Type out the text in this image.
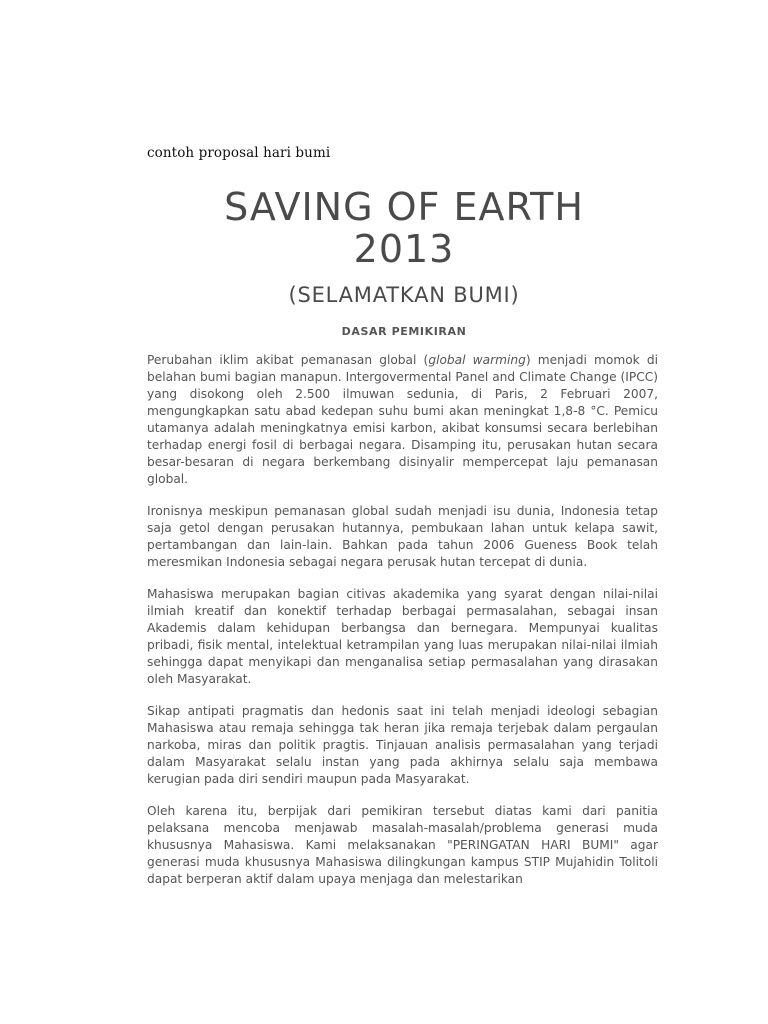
contoh proposal hari bumi
SAVING OF EARTH
2013
(SELAMATKAN BUMI)
DASAR PEMIKIRAN

Perubahan iklim akibat pemanasan global (global warming) menjadi momok di belahan bumi bagian manapun. Intergovermental Panel and Climate Change (IPCC) yang disokong oleh 2.500 ilmuwan sedunia, di Paris, 2 Februari 2007, mengungkapkan satu abad kedepan suhu bumi akan meningkat 1,8-8 °C. Pemicu utamanya adalah meningkatnya emisi karbon, akibat konsumsi secara berlebihan terhadap energi fosil di berbagai negara. Disamping itu, perusakan hutan secara besar-besaran di negara berkembang disinyalir mempercepat laju pemanasan global.

Ironisnya meskipun pemanasan global sudah menjadi isu dunia, Indonesia tetap saja getol dengan perusakan hutannya, pembukaan lahan untuk kelapa sawit, pertambangan dan lain-lain. Bahkan pada tahun 2006 Gueness Book telah meresmikan Indonesia sebagai negara perusak hutan tercepat di dunia.

Mahasiswa merupakan bagian citivas akademika yang syarat dengan nilai-nilai ilmiah kreatif dan konektif terhadap berbagai permasalahan, sebagai insan Akademis dalam kehidupan berbangsa dan bernegara. Mempunyai kualitas pribadi, fisik mental, intelektual ketrampilan yang luas merupakan nilai-nilai ilmiah sehingga dapat menyikapi dan menganalisa setiap permasalahan yang dirasakan oleh Masyarakat.

Sikap antipati pragmatis dan hedonis saat ini telah menjadi ideologi sebagian Mahasiswa atau remaja sehingga tak heran jika remaja terjebak dalam pergaulan narkoba, miras dan politik pragtis. Tinjauan analisis permasalahan yang terjadi dalam Masyarakat selalu instan yang pada akhirnya selalu saja membawa kerugian pada diri sendiri maupun pada Masyarakat.

Oleh karena itu, berpijak dari pemikiran tersebut diatas kami dari panitia pelaksana mencoba menjawab masalah-masalah/problema generasi muda khususnya Mahasiswa. Kami melaksanakan "PERINGATAN HARI BUMI" agar generasi muda khususnya Mahasiswa dilingkungan kampus STIP Mujahidin Tolitoli dapat berperan aktif dalam upaya menjaga dan melestarikan
